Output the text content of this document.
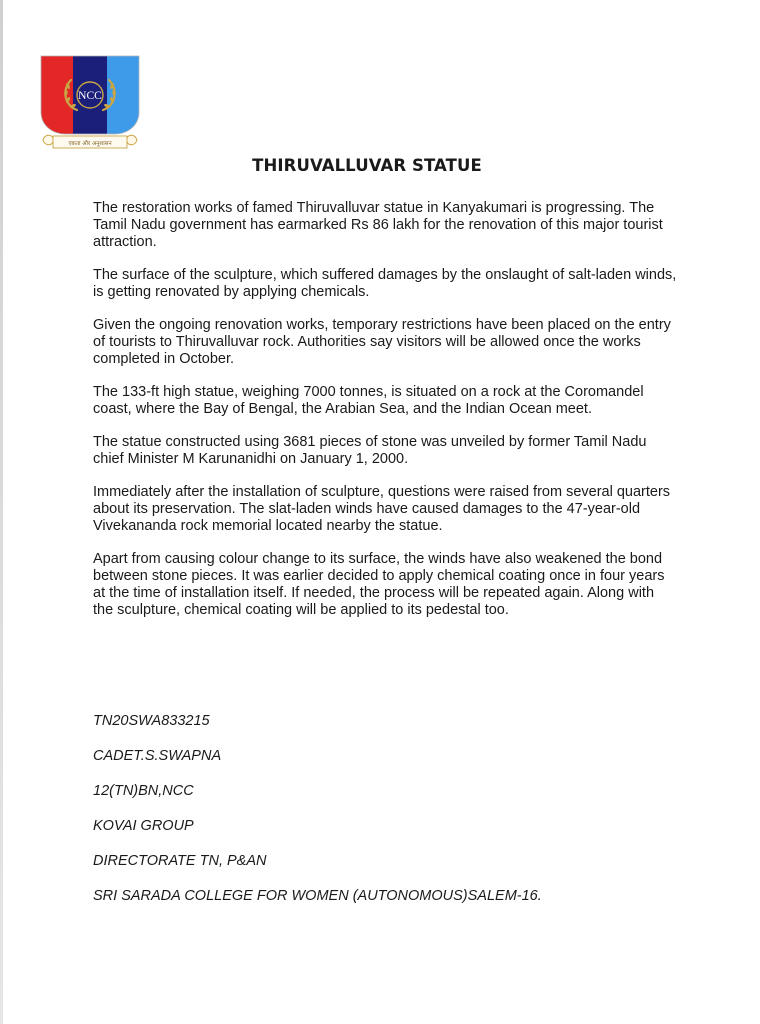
NCC
एकता और अनुशासन
THIRUVALLUVAR STATUE

The restoration works of famed Thiruvalluvar statue in Kanyakumari is progressing. The Tamil Nadu government has earmarked Rs 86 lakh for the renovation of this major tourist attraction.

The surface of the sculpture, which suffered damages by the onslaught of salt-laden winds, is getting renovated by applying chemicals.

Given the ongoing renovation works, temporary restrictions have been placed on the entry of tourists to Thiruvalluvar rock. Authorities say visitors will be allowed once the works completed in October.

The 133-ft high statue, weighing 7000 tonnes, is situated on a rock at the Coromandel coast, where the Bay of Bengal, the Arabian Sea, and the Indian Ocean meet.

The statue constructed using 3681 pieces of stone was unveiled by former Tamil Nadu chief Minister M Karunanidhi on January 1, 2000.

Immediately after the installation of sculpture, questions were raised from several quarters about its preservation. The slat-laden winds have caused damages to the 47-year-old Vivekananda rock memorial located nearby the statue.

Apart from causing colour change to its surface, the winds have also weakened the bond between stone pieces. It was earlier decided to apply chemical coating once in four years at the time of installation itself. If needed, the process will be repeated again. Along with the sculpture, chemical coating will be applied to its pedestal too.

TN20SWA833215
CADET.S.SWAPNA
12(TN)BN,NCC
KOVAI GROUP
DIRECTORATE TN, P&AN
SRI SARADA COLLEGE FOR WOMEN (AUTONOMOUS)SALEM-16.
